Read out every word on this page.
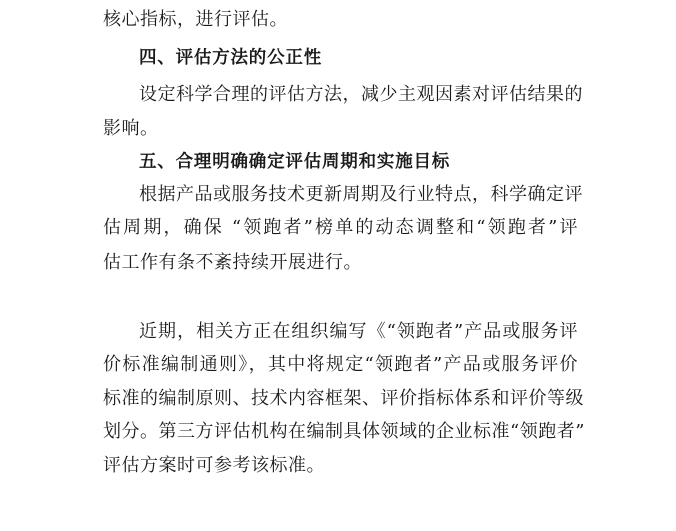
核心指标，进行评估。
四、评估方法的公正性
设定科学合理的评估方法，减少主观因素对评估结果的
影响。
五、合理明确确定评估周期和实施目标
根据产品或服务技术更新周期及行业特点，科学确定评
估周期，确保 “领跑者”榜单的动态调整和“领跑者”评
估工作有条不紊持续开展进行。
近期，相关方正在组织编写《“领跑者”产品或服务评
价标准编制通则》，其中将规定“领跑者”产品或服务评价
标准的编制原则、技术内容框架、评价指标体系和评价等级
划分。第三方评估机构在编制具体领域的企业标准“领跑者”
评估方案时可参考该标准。
